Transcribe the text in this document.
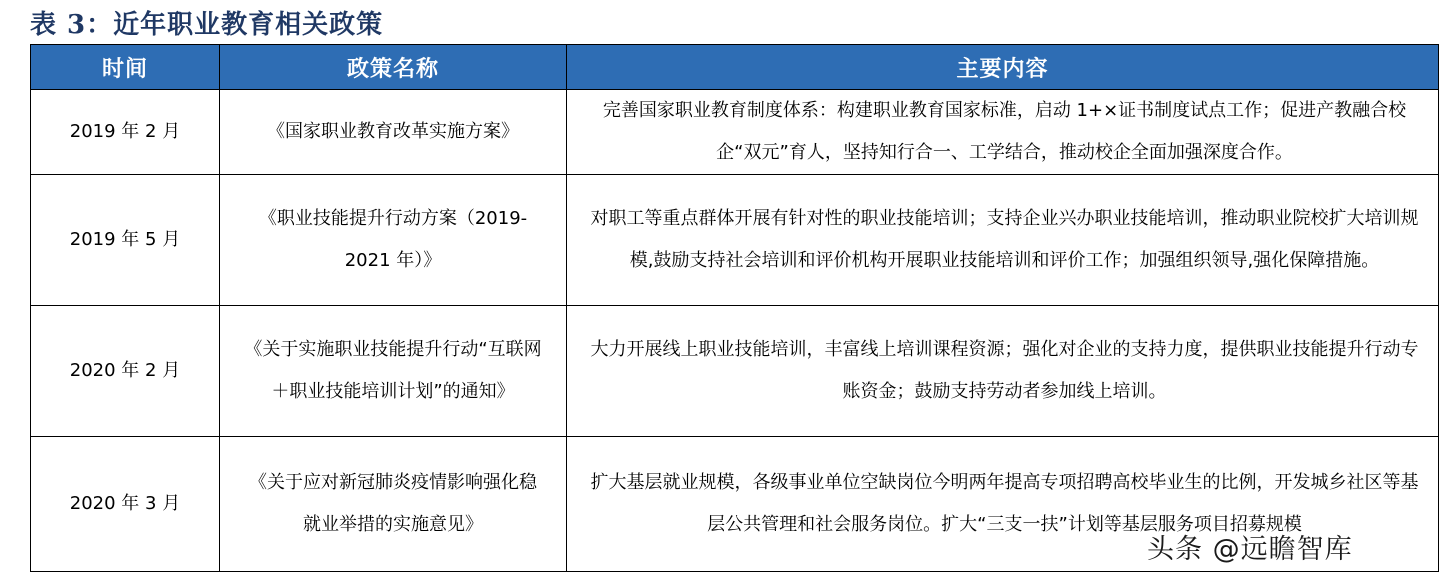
表 3：近年职业教育相关政策
时间	政策名称	主要内容
2019 年 2 月	《国家职业教育改革实施方案》	完善国家职业教育制度体系：构建职业教育国家标准，启动 1+×证书制度试点工作；促进产教融合校企“双元”育人，坚持知行合一、工学结合，推动校企全面加强深度合作。
2019 年 5 月	《职业技能提升行动方案（2019-2021 年）》	对职工等重点群体开展有针对性的职业技能培训；支持企业兴办职业技能培训，推动职业院校扩大培训规模,鼓励支持社会培训和评价机构开展职业技能培训和评价工作；加强组织领导,强化保障措施。
2020 年 2 月	《关于实施职业技能提升行动“互联网＋职业技能培训计划”的通知》	大力开展线上职业技能培训，丰富线上培训课程资源；强化对企业的支持力度，提供职业技能提升行动专账资金；鼓励支持劳动者参加线上培训。
2020 年 3 月	《关于应对新冠肺炎疫情影响强化稳就业举措的实施意见》	扩大基层就业规模，各级事业单位空缺岗位今明两年提高专项招聘高校毕业生的比例，开发城乡社区等基层公共管理和社会服务岗位。扩大“三支一扶”计划等基层服务项目招募规模
头条 @远瞻智库
